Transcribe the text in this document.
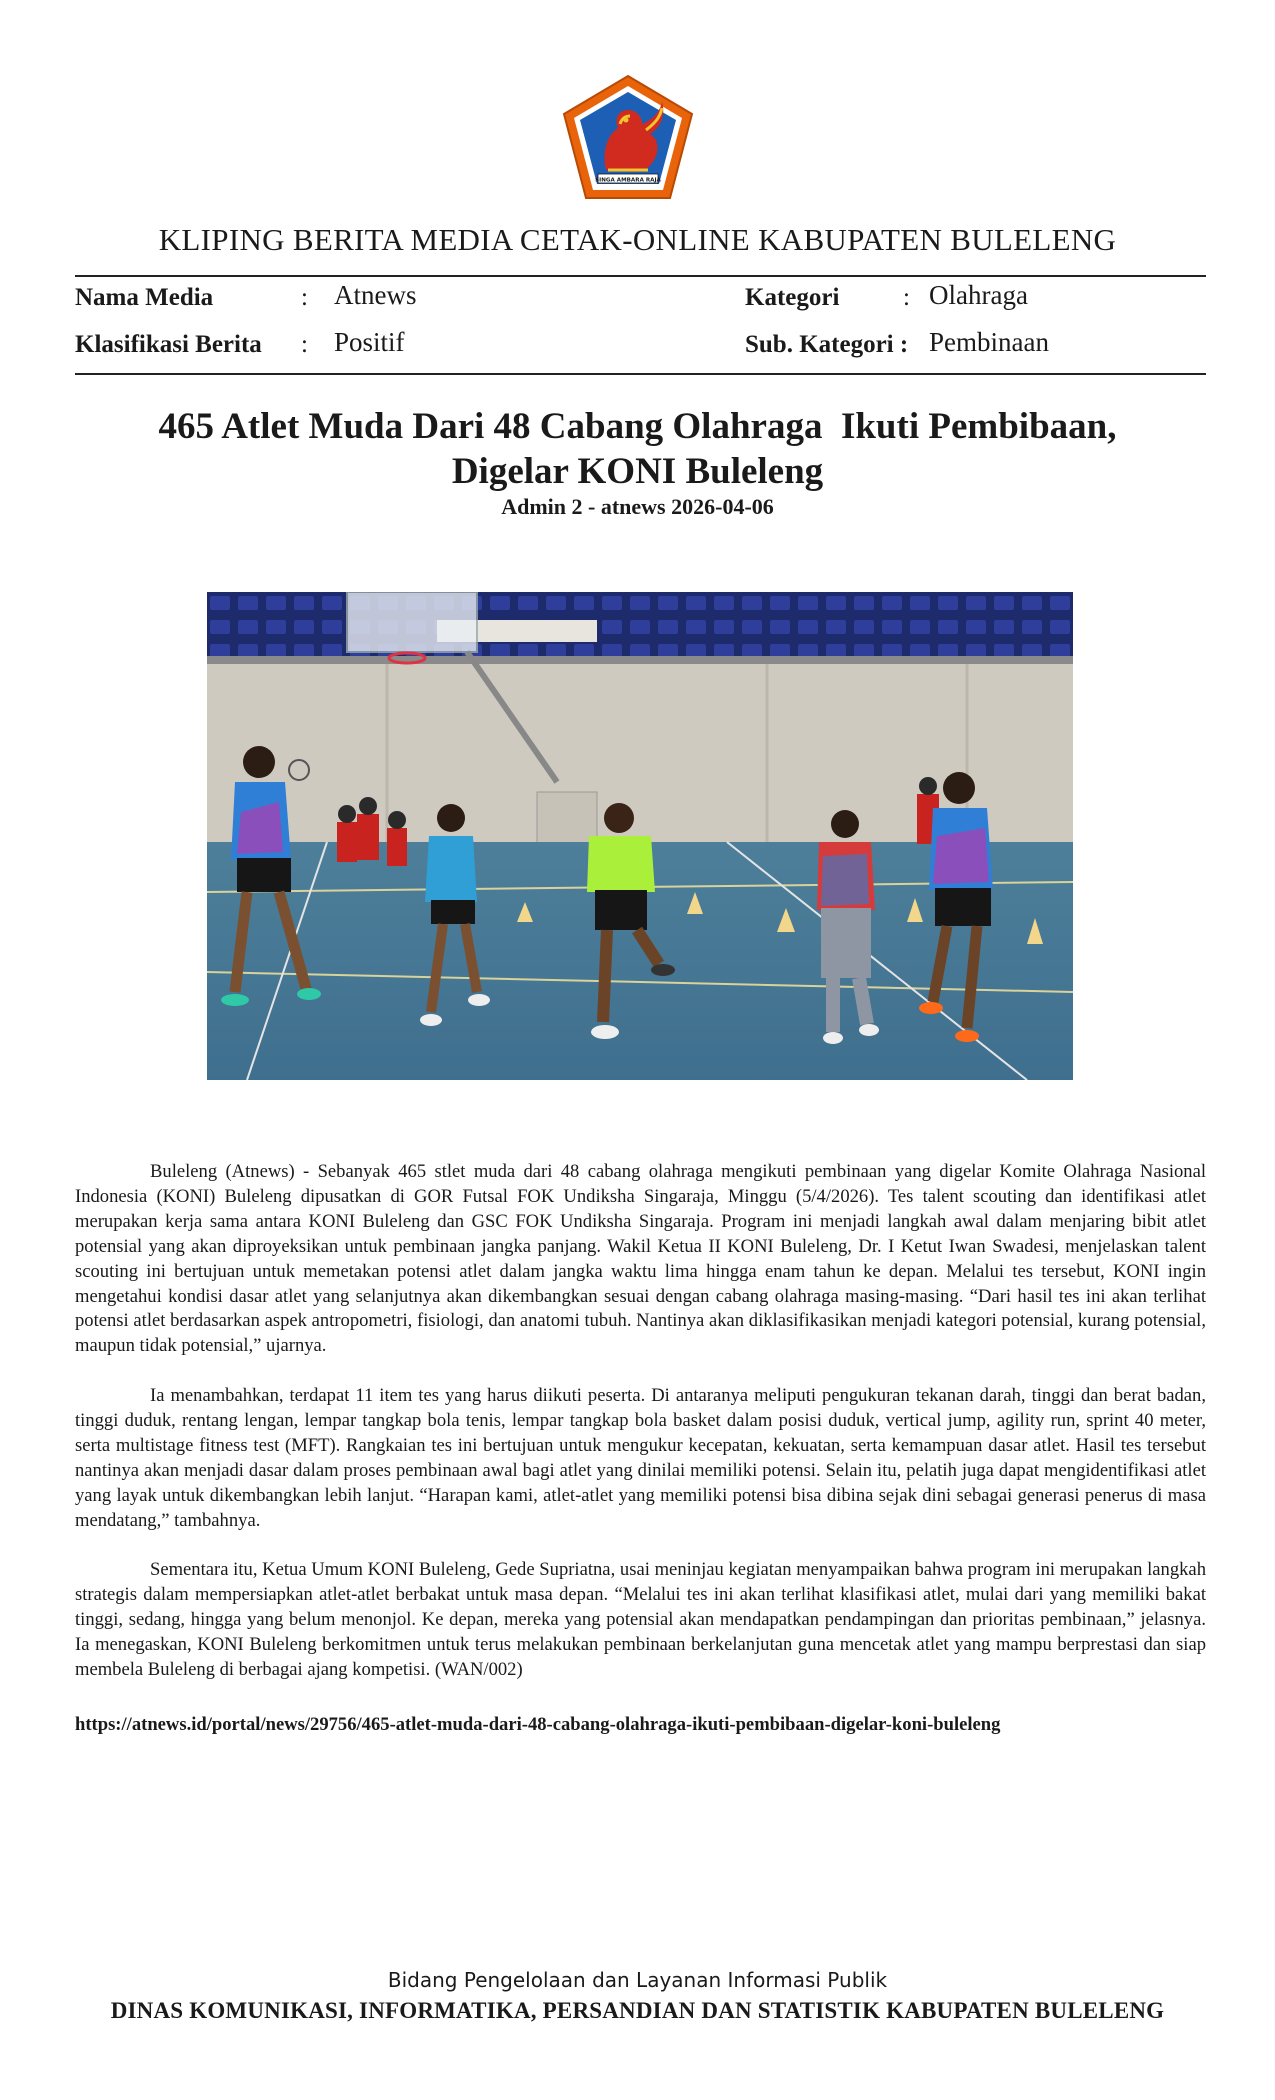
SINGA AMBARA RAJA
KLIPING BERITA MEDIA CETAK-ONLINE KABUPATEN BULELENG
Nama Media	: Atnews	Kategori	: Olahraga
Klasifikasi Berita : Positif	Sub. Kategori : Pembinaan
465 Atlet Muda Dari 48 Cabang Olahraga  Ikuti Pembibaan,
Digelar KONI Buleleng
Admin 2 - atnews 2026-04-06

Buleleng (Atnews) - Sebanyak 465 stlet muda dari 48 cabang olahraga mengikuti pembinaan yang digelar Komite Olahraga Nasional Indonesia (KONI) Buleleng dipusatkan di GOR Futsal FOK Undiksha Singaraja, Minggu (5/4/2026). Tes talent scouting dan identifikasi atlet merupakan kerja sama antara KONI Buleleng dan GSC FOK Undiksha Singaraja. Program ini menjadi langkah awal dalam menjaring bibit atlet potensial yang akan diproyeksikan untuk pembinaan jangka panjang. Wakil Ketua II KONI Buleleng, Dr. I Ketut Iwan Swadesi, menjelaskan talent scouting ini bertujuan untuk memetakan potensi atlet dalam jangka waktu lima hingga enam tahun ke depan. Melalui tes tersebut, KONI ingin mengetahui kondisi dasar atlet yang selanjutnya akan dikembangkan sesuai dengan cabang olahraga masing-masing. “Dari hasil tes ini akan terlihat potensi atlet berdasarkan aspek antropometri, fisiologi, dan anatomi tubuh. Nantinya akan diklasifikasikan menjadi kategori potensial, kurang potensial, maupun tidak potensial,” ujarnya.

Ia menambahkan, terdapat 11 item tes yang harus diikuti peserta. Di antaranya meliputi pengukuran tekanan darah, tinggi dan berat badan, tinggi duduk, rentang lengan, lempar tangkap bola tenis, lempar tangkap bola basket dalam posisi duduk, vertical jump, agility run, sprint 40 meter, serta multistage fitness test (MFT). Rangkaian tes ini bertujuan untuk mengukur kecepatan, kekuatan, serta kemampuan dasar atlet. Hasil tes tersebut nantinya akan menjadi dasar dalam proses pembinaan awal bagi atlet yang dinilai memiliki potensi. Selain itu, pelatih juga dapat mengidentifikasi atlet yang layak untuk dikembangkan lebih lanjut. “Harapan kami, atlet-atlet yang memiliki potensi bisa dibina sejak dini sebagai generasi penerus di masa mendatang,” tambahnya.

Sementara itu, Ketua Umum KONI Buleleng, Gede Supriatna, usai meninjau kegiatan menyampaikan bahwa program ini merupakan langkah strategis dalam mempersiapkan atlet-atlet berbakat untuk masa depan. “Melalui tes ini akan terlihat klasifikasi atlet, mulai dari yang memiliki bakat tinggi, sedang, hingga yang belum menonjol. Ke depan, mereka yang potensial akan mendapatkan pendampingan dan prioritas pembinaan,” jelasnya. Ia menegaskan, KONI Buleleng berkomitmen untuk terus melakukan pembinaan berkelanjutan guna mencetak atlet yang mampu berprestasi dan siap membela Buleleng di berbagai ajang kompetisi. (WAN/002)

https://atnews.id/portal/news/29756/465-atlet-muda-dari-48-cabang-olahraga-ikuti-pembibaan-digelar-koni-buleleng
Bidang Pengelolaan dan Layanan Informasi Publik
DINAS KOMUNIKASI, INFORMATIKA, PERSANDIAN DAN STATISTIK KABUPATEN BULELENG
